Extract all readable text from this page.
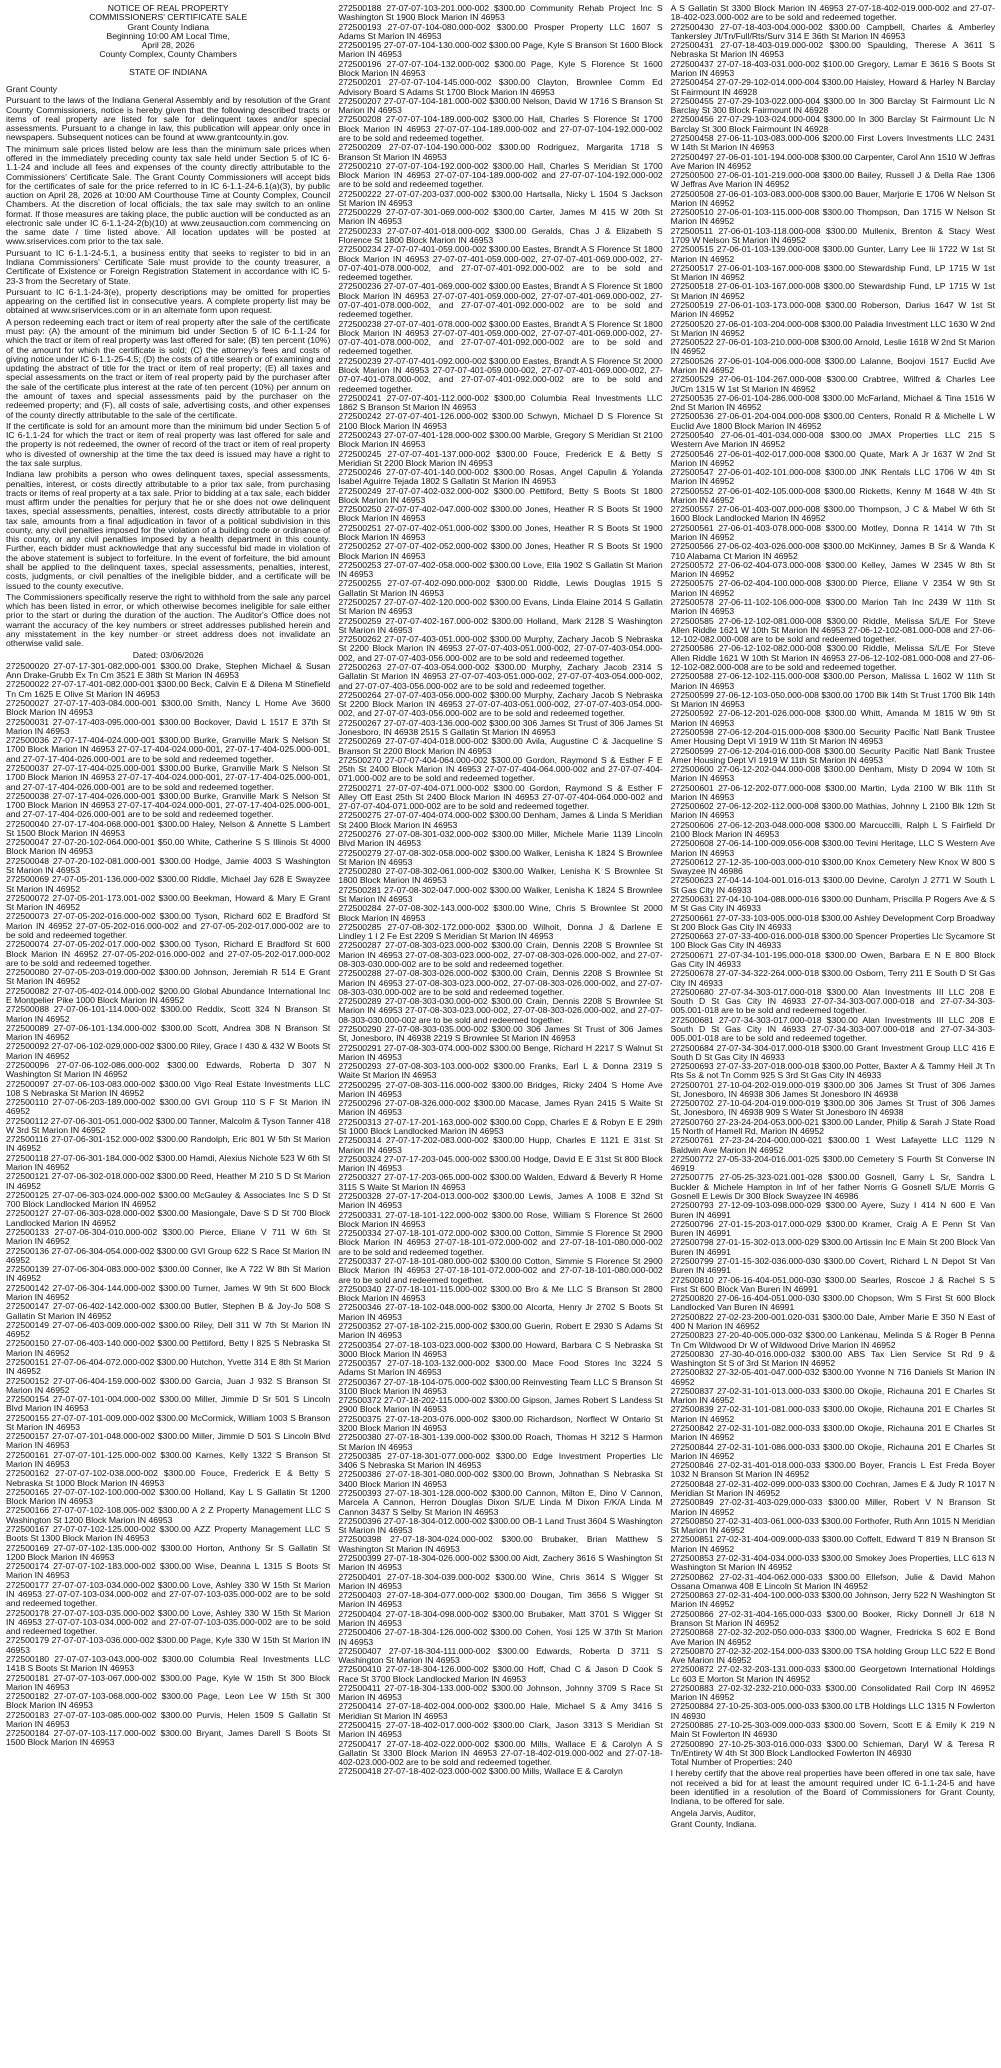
NOTICE OF REAL PROPERTY
COMMISSIONERS' CERTIFICATE SALE
Grant County Indiana
Beginning 10:00 AM Local Time,
April 28, 2026
County Complex, County Chambers
STATE OF INDIANA

Grant County

Pursuant to the laws of the Indiana General Assembly and by resolution of the Grant County Commissioners, notice is hereby given that the following described tracts or items of real property are listed for sale for delinquent taxes and/or special assessments. Pursuant to a change in law, this publication will appear only once in newspapers. Subsequent notices can be found at www.grantcounty.in.gov.

The minimum sale prices listed below are less than the minimum sale prices when offered in the immediately preceding county tax sale held under Section 5 of IC 6-1.1-24 and include all fees and expenses of the county directly attributable to the Commissioners' Certificate Sale. The Grant County Commissioners will accept bids for the certificates of sale for the price referred to in IC 6-1.1-24-6.1(a)(3), by public auction on April 28, 2026 at 10:00 AM Courthouse Time at County Complex, Council Chambers. At the discretion of local officials, the tax sale may switch to an online format. If those measures are taking place, the public auction will be conducted as an electronic sale under IC 6-1.1-24-2(b)(10) at www.zeusauction.com commencing on the same date / time listed above. All location updates will be posted at www.sriservices.com prior to the tax sale.

Pursuant to IC 6-1.1-24-5.1, a business entity that seeks to register to bid in an Indiana Commissioners' Certificate Sale must provide to the county treasurer, a Certificate of Existence or Foreign Registration Statement in accordance with IC 5-23-3 from the Secretary of State.

Pursuant to IC 6-1.1-24-3(e), property descriptions may be omitted for properties appearing on the certified list in consecutive years. A complete property list may be obtained at www.sriservices.com or in an alternate form upon request.

A person redeeming each tract or item of real property after the sale of the certificate must pay: (A) the amount of the minimum bid under Section 5 of IC 6-1.1-24 for which the tract or item of real property was last offered for sale; (B) ten percent (10%) of the amount for which the certificate is sold; (C) the attorney's fees and costs of giving notice under IC 6-1.1-25-4.5; (D) the costs of a title search or of examining and updating the abstract of title for the tract or item of real property; (E) all taxes and special assessments on the tract or item of real property paid by the purchaser after the sale of the certificate plus interest at the rate of ten percent (10%) per annum on the amount of taxes and special assessments paid by the purchaser on the redeemed property; and (F), all costs of sale, advertising costs, and other expenses of the county directly attributable to the sale of the certificate.

If the certificate is sold for an amount more than the minimum bid under Section 5 of IC 6-1.1-24 for which the tract or item of real property was last offered for sale and the property is not redeemed, the owner of record of the tract or item of real property who is divested of ownership at the time the tax deed is issued may have a right to the tax sale surplus.

Indiana law prohibits a person who owes delinquent taxes, special assessments, penalties, interest, or costs directly attributable to a prior tax sale, from purchasing tracts or items of real property at a tax sale. Prior to bidding at a tax sale, each bidder must affirm under the penalties for perjury that he or she does not owe delinquent taxes, special assessments, penalties, interest, costs directly attributable to a prior tax sale, amounts from a final adjudication in favor of a political subdivision in this county, any civil penalties imposed for the violation of a building code or ordinance of this county, or any civil penalties imposed by a health department in this county. Further, each bidder must acknowledge that any successful bid made in violation of the above statement is subject to forfeiture. In the event of forfeiture, the bid amount shall be applied to the delinquent taxes, special assessments, penalties, interest, costs, judgments, or civil penalties of the ineligible bidder, and a certificate will be issued to the county executive.

The Commissioners specifically reserve the right to withhold from the sale any parcel which has been listed in error, or which otherwise becomes ineligible for sale either prior to the start or during the duration of the auction. The Auditor's Office does not warrant the accuracy of the key numbers or street addresses published herein and any misstatement in the key number or street address does not invalidate an otherwise valid sale.

Dated: 03/06/2026
272500020 27-07-17-301-082.000-001 $300.00 Drake, Stephen Michael & Susan Ann Drake-Grubb Ex Tn Cm 3521 E 38th St Marion IN 46953
272500022 27-07-17-401-082.000-001 $300.00 Beck, Calvin E & Dilena M Stinefield Tn Cm 1625 E Olive St Marion IN 46953
272500027 27-07-17-403-084.000-001 $300.00 Smith, Nancy L Home Ave 3600 Block Marion IN 46953
272500031 27-07-17-403-095.000-001 $300.00 Bockover, David L 1517 E 37th St Marion IN 46953
272500036 27-07-17-404-024.000-001 $300.00 Burke, Granville Mark S Nelson St 1700 Block Marion IN 46953 27-07-17-404-024.000-001, 27-07-17-404-025.000-001, and 27-07-17-404-026.000-001 are to be sold and redeemed together.
272500037 27-07-17-404-025.000-001 $300.00 Burke, Granville Mark S Nelson St 1700 Block Marion IN 46953 27-07-17-404-024.000-001, 27-07-17-404-025.000-001, and 27-07-17-404-026.000-001 are to be sold and redeemed together.
272500038 27-07-17-404-026.000-001 $300.00 Burke, Granville Mark S Nelson St 1700 Block Marion IN 46953 27-07-17-404-024.000-001, 27-07-17-404-025.000-001, and 27-07-17-404-026.000-001 are to be sold and redeemed together.
272500040 27-07-17-404-068.000-001 $300.00 Haley, Nelson & Annette S Lambert St 1500 Block Marion IN 46953
272500047 27-07-20-102-064.000-001 $50.00 White, Catherine S S Illinois St 4000 Block Marion IN 46953
272500048 27-07-20-102-081.000-001 $300.00 Hodge, Jamie 4003 S Washington St Marion IN 46953
272500069 27-07-05-201-136.000-002 $300.00 Riddle, Michael Jay 628 E Swayzee St Marion IN 46952
272500072 27-07-05-201-173.001-002 $300.00 Beekman, Howard & Mary E Grant St Marion IN 46952
272500073 27-07-05-202-016.000-002 $300.00 Tyson, Richard 602 E Bradford St Marion IN 46952 27-07-05-202-016.000-002 and 27-07-05-202-017.000-002 are to be sold and redeemed together.
272500074 27-07-05-202-017.000-002 $300.00 Tyson, Richard E Bradford St 600 Block Marion IN 46952 27-07-05-202-016.000-002 and 27-07-05-202-017.000-002 are to be sold and redeemed together.
272500080 27-07-05-203-019.000-002 $300.00 Johnson, Jeremiah R 514 E Grant St Marion IN 46952
272500082 27-07-05-402-014.000-002 $200.00 Global Abundance International Inc E Montpelier Pike 1000 Block Marion IN 46952
272500088 27-07-06-101-114.000-002 $300.00 Reddix, Scott 324 N Branson St Marion IN 46952
272500089 27-07-06-101-134.000-002 $300.00 Scott, Andrea 308 N Branson St Marion IN 46952
272500092 27-07-06-102-029.000-002 $300.00 Riley, Grace I 430 & 432 W Boots St Marion IN 46952
272500096 27-07-06-102-086.000-002 $300.00 Edwards, Roberta D 307 N Washington St Marion IN 46952
272500097 27-07-06-103-083.000-002 $300.00 Vigo Real Estate Investments LLC 108 S Nebraska St Marion IN 46952
272500110 27-07-06-203-189.000-002 $300.00 GVI Group 110 S F St Marion IN 46952
272500112 27-07-06-301-051.000-002 $300.00 Tanner, Malcolm & Tyson Tanner 418 W 3rd St Marion IN 46952
272500116 27-07-06-301-152.000-002 $300.00 Randolph, Eric 801 W 5th St Marion IN 46952
272500118 27-07-06-301-184.000-002 $300.00 Hamdi, Alexius Nichole 523 W 6th St Marion IN 46952
272500121 27-07-06-302-018.000-002 $300.00 Reed, Heather M 210 S D St Marion IN 46952
272500125 27-07-06-303-024.000-002 $300.00 McGauley & Associates Inc S D St 700 Block Landlocked Marion IN 46952
272500127 27-07-06-303-028.000-002 $300.00 Masiongale, Dave S D St 700 Block Landlocked Marion IN 46952
272500133 27-07-06-304-010.000-002 $300.00 Pierce, Eliane V 711 W 6th St Marion IN 46952
272500136 27-07-06-304-054.000-002 $300.00 GVI Group 622 S Race St Marion IN 46952
272500139 27-07-06-304-083.000-002 $300.00 Conner, Ike A 722 W 8th St Marion IN 46952
272500142 27-07-06-304-144.000-002 $300.00 Turner, James W 9th St 600 Block Marion IN 46952
272500147 27-07-06-402-142.000-002 $300.00 Butler, Stephen B & Joy-Jo 508 S Gallatin St Marion IN 46952
272500149 27-07-06-403-009.000-002 $300.00 Riley, Dell 311 W 7th St Marion IN 46952
272500150 27-07-06-403-140.000-002 $300.00 Pettiford, Betty I 825 S Nebraska St Marion IN 46952
272500151 27-07-06-404-072.000-002 $300.00 Hutchon, Yvette 314 E 8th St Marion IN 46952
272500152 27-07-06-404-159.000-002 $300.00 Garcia, Juan J 932 S Branson St Marion IN 46952
272500154 27-07-07-101-004.000-002 $300.00 Miller, Jimmie D Sr 501 S Lincoln Blvd Marion IN 46953
272500155 27-07-07-101-009.000-002 $300.00 McCormick, William 1003 S Branson St Marion IN 46953
272500157 27-07-07-101-048.000-002 $300.00 Miller, Jimmie D 501 S Lincoln Blvd Marion IN 46953
272500161 27-07-07-101-125.000-002 $300.00 Karnes, Kelly 1322 S Branson St Marion IN 46953
272500162 27-07-07-102-038.000-002 $300.00 Fouce, Frederick E & Betty S Nebraska St 1000 Block Marion IN 46953
272500165 27-07-07-102-100.000-002 $300.00 Holland, Kay L S Gallatin St 1200 Block Marion IN 46953
272500166 27-07-07-102-108.005-002 $300.00 A 2 Z Property Management LLC S Washington St 1200 Block Marion IN 46953
272500167 27-07-07-102-125.000-002 $300.00 AZZ Property Management LLC S Boots St 1300 Block Marion IN 46953
272500169 27-07-07-102-135.000-002 $300.00 Horton, Anthony Sr S Gallatin St 1200 Block Marion IN 46953
272500174 27-07-07-102-183.000-002 $300.00 Wise, Deanna L 1315 S Boots St Marion IN 46953
272500177 27-07-07-103-034.000-002 $300.00 Love, Ashley 330 W 15th St Marion IN 46953 27-07-07-103-034.000-002 and 27-07-07-103-035.000-002 are to be sold and redeemed together.
272500178 27-07-07-103-035.000-002 $300.00 Love, Ashley 330 W 15th St Marion IN 46953 27-07-07-103-034.000-002 and 27-07-07-103-035.000-002 are to be sold and redeemed together.
272500179 27-07-07-103-036.000-002 $300.00 Page, Kyle 330 W 15th St Marion IN 46953
272500180 27-07-07-103-043.000-002 $300.00 Columbia Real Investments LLC 1418 S Boots St Marion IN 46953
272500181 27-07-07-103-067.000-002 $300.00 Page, Kyle W 15th St 300 Block Marion IN 46953
272500182 27-07-07-103-068.000-002 $300.00 Page, Leon Lee W 15th St 300 Block Marion IN 46953
272500183 27-07-07-103-085.000-002 $300.00 Purvis, Helen 1509 S Gallatin St Marion IN 46953
272500184 27-07-07-103-117.000-002 $300.00 Bryant, James Darell S Boots St 1500 Block Marion IN 46953
272500188 27-07-07-103-201.000-002 $300.00 Community Rehab Project Inc S Washington St 1900 Block Marion IN 46953
272500193 27-07-07-104-080.000-002 $300.00 Prosper Property LLC 1607 S Adams St Marion IN 46953
272500195 27-07-07-104-130.000-002 $300.00 Page, Kyle S Branson St 1600 Block Marion IN 46953
272500196 27-07-07-104-132.000-002 $300.00 Page, Kyle S Florence St 1600 Block Marion IN 46953
272500201 27-07-07-104-145.000-002 $300.00 Clayton, Brownlee Comm Ed Advisory Board S Adams St 1700 Block Marion IN 46953
272500207 27-07-07-104-181.000-002 $300.00 Nelson, David W 1716 S Branson St Marion IN 46953
272500208 27-07-07-104-189.000-002 $300.00 Hall, Charles S Florence St 1700 Block Marion IN 46953 27-07-07-104-189.000-002 and 27-07-07-104-192.000-002 are to be sold and redeemed together.
272500209 27-07-07-104-190.000-002 $300.00 Rodriguez, Margarita 1718 S Branson St Marion IN 46953
272500210 27-07-07-104-192.000-002 $300.00 Hall, Charles S Meridian St 1700 Block Marion IN 46953 27-07-07-104-189.000-002 and 27-07-07-104-192.000-002 are to be sold and redeemed together.
272500222 27-07-07-203-037.000-002 $300.00 Hartsalla, Nicky L 1504 S Jackson St Marion IN 46953
272500229 27-07-07-301-069.000-002 $300.00 Carter, James M 415 W 20th St Marion IN 46953
272500233 27-07-07-401-018.000-002 $300.00 Geralds, Chas J & Elizabeth S Florence St 1800 Block Marion IN 46953
272500234 27-07-07-401-059.000-002 $300.00 Eastes, Brandt A S Florence St 1800 Block Marion IN 46953 27-07-07-401-059.000-002, 27-07-07-401-069.000-002, 27-07-07-401-078.000-002, and 27-07-07-401-092.000-002 are to be sold and redeemed together.
272500236 27-07-07-401-069.000-002 $300.00 Eastes, Brandt A S Florence St 1800 Block Marion IN 46953 27-07-07-401-059.000-002, 27-07-07-401-069.000-002, 27-07-07-401-078.000-002, and 27-07-07-401-092.000-002 are to be sold and redeemed together.
272500238 27-07-07-401-078.000-002 $300.00 Eastes, Brandt A S Florence St 1800 Block Marion IN 46953 27-07-07-401-059.000-002, 27-07-07-401-069.000-002, 27-07-07-401-078.000-002, and 27-07-07-401-092.000-002 are to be sold and redeemed together.
272500239 27-07-07-401-092.000-002 $300.00 Eastes, Brandt A S Florence St 2000 Block Marion IN 46953 27-07-07-401-059.000-002, 27-07-07-401-069.000-002, 27-07-07-401-078.000-002, and 27-07-07-401-092.000-002 are to be sold and redeemed together.
272500241 27-07-07-401-112.000-002 $300.00 Columbia Real Investments LLC 1862 S Branson St Marion IN 46953
272500242 27-07-07-401-126.000-002 $300.00 Schwyn, Michael D S Florence St 2100 Block Marion IN 46953
272500243 27-07-07-401-128.000-002 $300.00 Marble, Gregory S Meridian St 2100 Block Marion IN 46953
272500245 27-07-07-401-137.000-002 $300.00 Fouce, Frederick E & Betty S Meridian St 2200 Block Marion IN 46953
272500246 27-07-07-401-140.000-002 $300.00 Rosas, Angel Capulin & Yolanda Isabel Aguirre Tejada 1802 S Gallatin St Marion IN 46953
272500249 27-07-07-402-032.000-002 $300.00 Pettiford, Betty S Boots St 1800 Block Marion IN 46953
272500250 27-07-07-402-047.000-002 $300.00 Jones, Heather R S Boots St 1900 Block Marion IN 46953
272500251 27-07-07-402-051.000-002 $300.00 Jones, Heather R S Boots St 1900 Block Marion IN 46953
272500252 27-07-07-402-052.000-002 $300.00 Jones, Heather R S Boots St 1900 Block Marion IN 46953
272500253 27-07-07-402-058.000-002 $300.00 Love, Ella 1902 S Gallatin St Marion IN 46953
272500255 27-07-07-402-090.000-002 $300.00 Riddle, Lewis Douglas 1915 S Gallatin St Marion IN 46953
272500257 27-07-07-402-120.000-002 $300.00 Evans, Linda Elaine 2014 S Gallatin St Marion IN 46953
272500259 27-07-07-402-167.000-002 $300.00 Holland, Mark 2128 S Washington St Marion IN 46953
272500262 27-07-07-403-051.000-002 $300.00 Murphy, Zachary Jacob S Nebraska St 2200 Block Marion IN 46953 27-07-07-403-051.000-002, 27-07-07-403-054.000-002, and 27-07-07-403-056.000-002 are to be sold and redeemed together.
272500263 27-07-07-403-054.000-002 $300.00 Murphy, Zachary Jacob 2314 S Gallatin St Marion IN 46953 27-07-07-403-051.000-002, 27-07-07-403-054.000-002, and 27-07-07-403-056.000-002 are to be sold and redeemed together.
272500264 27-07-07-403-056.000-002 $300.00 Murphy, Zachary Jacob S Nebraska St 2200 Block Marion IN 46953 27-07-07-403-051.000-002, 27-07-07-403-054.000-002, and 27-07-07-403-056.000-002 are to be sold and redeemed together.
272500267 27-07-07-403-136.000-002 $300.00 306 James St Trust of 306 James St Jonesboro, IN 46938 2515 S Gallatin St Marion IN 46953
272500269 27-07-07-404-018.000-002 $300.00 Avila, Augustine C & Jacqueline S Branson St 2200 Block Marion IN 46953
272500270 27-07-07-404-064.000-002 $300.00 Gordon, Raymond S & Esther F E 25th St 2400 Block Marion IN 46953 27-07-07-404-064.000-002 and 27-07-07-404-071.000-002 are to be sold and redeemed together.
272500271 27-07-07-404-071.000-002 $300.00 Gordon, Raymond S & Esther F Alley Off East 25th St 2400 Block Marion IN 46953 27-07-07-404-064.000-002 and 27-07-07-404-071.000-002 are to be sold and redeemed together.
272500275 27-07-07-404-074.000-002 $300.00 Denham, James & Linda S Meridian St 2400 Block Marion IN 46953
272500276 27-07-08-301-032.000-002 $300.00 Miller, Michele Marie 1139 Lincoln Blvd Marion IN 46953
272500279 27-07-08-302-058.000-002 $300.00 Walker, Lenisha K 1824 S Brownlee St Marion IN 46953
272500280 27-07-08-302-061.000-002 $300.00 Walker, Lenisha K S Brownlee St 1800 Block Marion IN 46953
272500281 27-07-08-302-047.000-002 $300.00 Walker, Lenisha K 1824 S Brownlee St Marion IN 46953
272500284 27-07-08-302-143.000-002 $300.00 Wine, Chris S Brownlee St 2000 Block Marion IN 46953
272500285 27-07-08-302-172.000-002 $300.00 Wilhoit, Donna J & Darlene E Lindley 1 I 2 Fe Est 2209 S Meridian St Marion IN 46953
272500287 27-07-08-303-023.000-002 $300.00 Crain, Dennis 2208 S Brownlee St Marion IN 46953 27-07-08-303-023.000-002, 27-07-08-303-026.000-002, and 27-07-08-303-030.000-002 are to be sold and redeemed together.
272500288 27-07-08-303-026.000-002 $300.00 Crain, Dennis 2208 S Brownlee St Marion IN 46953 27-07-08-303-023.000-002, 27-07-08-303-026.000-002, and 27-07-08-303-030.000-002 are to be sold and redeemed together.
272500289 27-07-08-303-030.000-002 $300.00 Crain, Dennis 2208 S Brownlee St Marion IN 46953 27-07-08-303-023.000-002, 27-07-08-303-026.000-002, and 27-07-08-303-030.000-002 are to be sold and redeemed together.
272500290 27-07-08-303-035.000-002 $300.00 306 James St Trust of 306 James St, Jonesboro, IN 46938 2219 S Brownlee St Marion IN 46953
272500291 27-07-08-303-074.000-002 $300.00 Benge, Richard H 2217 S Walnut St Marion IN 46953
272500293 27-07-08-303-103.000-002 $300.00 Franks, Earl L & Donna 2319 S Waite St Marion IN 46953
272500295 27-07-08-303-116.000-002 $300.00 Bridges, Ricky 2404 S Home Ave Marion IN 46953
272500296 27-07-08-326.000-002 $300.00 Macase, James Ryan 2415 S Waite St Marion IN 46953
272500313 27-07-17-201-163.000-002 $300.00 Copp, Charles E & Robyn E E 29th St 1000 Block Landlocked Marion IN 46953
272500314 27-07-17-202-083.000-002 $300.00 Hupp, Charles E 1121 E 31st St Marion IN 46953
272500324 27-07-17-203-045.000-002 $300.00 Hodge, David E E 31st St 800 Block Marion IN 46953
272500327 27-07-17-203-065.000-002 $300.00 Walden, Edward & Beverly R Home 3115 S Waite St Marion IN 46953
272500328 27-07-17-204-013.000-002 $300.00 Lewis, James A 1008 E 32nd St Marion IN 46953
272500331 27-07-18-101-122.000-002 $300.00 Rose, William S Florence St 2600 Block Marion IN 46953
272500334 27-07-18-101-072.000-002 $300.00 Cotton, Simmie S Florence St 2900 Block Marion IN 46953 27-07-18-101-072.000-002 and 27-07-18-101-080.000-002 are to be sold and redeemed together.
272500337 27-07-18-101-080.000-002 $300.00 Cotton, Simmie S Florence St 2900 Block Marion IN 46953 27-07-18-101-072.000-002 and 27-07-18-101-080.000-002 are to be sold and redeemed together.
272500340 27-07-18-101-115.000-002 $300.00 Bro & Me LLC S Branson St 2800 Block Marion IN 46953
272500346 27-07-18-102-048.000-002 $300.00 Alcorta, Henry Jr 2702 S Boots St Marion IN 46953
272500352 27-07-18-102-215.000-002 $300.00 Guerin, Robert E 2930 S Adams St Marion IN 46953
272500354 27-07-18-103-023.000-002 $300.00 Howard, Barbara C S Nebraska St 3000 Block Marion IN 46953
272500357 27-07-18-103-132.000-002 $300.00 Mace Food Stores Inc 3224 S Adams St Marion IN 46953
272500367 27-07-18-104-075.000-002 $300.00 Reinvesting Team LLC S Branson St 3100 Block Marion IN 46953
272500372 27-07-18-202-115.000-002 $300.00 Gipson, James Robert S Landess St 2900 Block Marion IN 46953
272500375 27-07-18-203-076.000-002 $300.00 Richardson, Norflect W Ontario St 3200 Block Marion IN 46953
272500380 27-07-18-301-139.000-002 $300.00 Roach, Thomas H 3212 S Harmon St Marion IN 46953
272500385 27-07-18-301-077.000-002 $300.00 Edge Investment Properties Llc 3406 S Nebraska St Marion IN 46953
272500386 27-07-18-301-080.000-002 $300.00 Brown, Johnathan S Nebraska St 3400 Block Marion IN 46953
272500393 27-07-18-301-128.000-002 $300.00 Cannon, Milton E, Dino V Cannon, Marcela A Cannon, Herron Douglas Dixon S/L/E Linda M Dixon F/K/A Linda M Cannon 3437 S Selby St Marion IN 46953
272500396 27-07-18-304-012.000-002 $300.00 OB-1 Land Trust 3604 S Washington St Marion IN 46953
272500398 27-07-18-304-024.000-002 $300.00 Brubaker, Brian Matthew S Washington St Marion IN 46953
272500399 27-07-18-304-026.000-002 $300.00 Aidt, Zachery 3616 S Washington St Marion IN 46953
272500401 27-07-18-304-039.000-002 $300.00 Wine, Chris 3614 S Wigger St Marion IN 46953
272500403 27-07-18-304-077.000-002 $300.00 Dougan, Tim 3656 S Wigger St Marion IN 46953
272500404 27-07-18-304-098.000-002 $300.00 Brubaker, Matt 3701 S Wigger St Marion IN 46953
272500406 27-07-18-304-126.000-002 $300.00 Cohen, Yosi 125 W 37th St Marion IN 46953
272500407 27-07-18-304-111.000-002 $300.00 Edwards, Roberta D 3711 S Washington St Marion IN 46953
272500410 27-07-18-304-126.000-002 $300.00 Hoff, Chad C & Jason D Cook S Race St 3700 Block Landlocked Marion IN 46953
272500411 27-07-18-304-133.000-002 $300.00 Johnson, Johnny 3709 S Race St Marion IN 46953
272500414 27-07-18-402-004.000-002 $300.00 Hale, Michael S & Amy 3416 S Meridian St Marion IN 46953
272500415 27-07-18-402-017.000-002 $300.00 Clark, Jason 3313 S Meridian St Marion IN 46953
272500417 27-07-18-402-022.000-002 $300.00 Mills, Wallace E & Carolyn A S Gallatin St 3300 Block Marion IN 46953 27-07-18-402-019.000-002 and 27-07-18-402-023.000-002 are to be sold and redeemed together.
272500418 27-07-18-402-023.000-002 $300.00 Mills, Wallace E & Carolyn
A S Gallatin St 3300 Block Marion IN 46953 27-07-18-402-019.000-002 and 27-07-18-402-023.000-002 are to be sold and redeemed together.
272500430 27-07-18-403-004.000-002 $300.00 Campbell, Charles & Amberley Tankersley Jt/Tn/Full/Rts/Surv 314 E 36th St Marion IN 46953
272500431 27-07-18-403-019.000-002 $300.00 Spaulding, Therese A 3611 S Nebraska St Marion IN 46953
272500437 27-07-18-403-031.000-002 $100.00 Gregory, Lamar E 3616 S Boots St Marion IN 46953
272500454 27-07-29-102-014.000-004 $300.00 Haisley, Howard & Harley N Barclay St Fairmount IN 46928
272500455 27-07-29-103-022.000-004 $300.00 In 300 Barclay St Fairmount Llc N Barclay St 300 Block Fairmount IN 46928
272500456 27-07-29-103-024.000-004 $300.00 In 300 Barclay St Fairmount Llc N Barclay St 300 Block Fairmount IN 46928
272500458 27-06-11-103-083.000-006 $200.00 First Lovers Investments LLC 2431 W 14th St Marion IN 46953
272500497 27-06-01-101-194.000-008 $300.00 Carpenter, Carol Ann 1510 W Jeffras Ave Marion IN 46952
272500500 27-06-01-101-219.000-008 $300.00 Bailey, Russell J & Della Rae 1306 W Jeffras Ave Marion IN 46952
272500508 27-06-01-103-083.000-008 $300.00 Bauer, Marjorie E 1706 W Nelson St Marion IN 46952
272500510 27-06-01-103-115.000-008 $300.00 Thompson, Dan 1715 W Nelson St Marion IN 46952
272500511 27-06-01-103-118.000-008 $300.00 Mullenix, Brenton & Stacy West 1709 W Nelson St Marion IN 46952
272500515 27-06-01-103-139.000-008 $300.00 Gunter, Larry Lee Iii 1722 W 1st St Marion IN 46952
272500517 27-06-01-103-167.000-008 $300.00 Stewardship Fund, LP 1715 W 1st St Marion IN 46952
272500518 27-06-01-103-167.000-008 $300.00 Stewardship Fund, LP 1715 W 1st St Marion IN 46952
272500519 27-06-01-103-173.000-008 $300.00 Roberson, Darius 1647 W 1st St Marion IN 46952
272500520 27-06-01-103-204.000-008 $300.00 Paladia Investment LLC 1630 W 2nd St Marion IN 46952
272500522 27-06-01-103-210.000-008 $300.00 Arnold, Leslie 1618 W 2nd St Marion IN 46952
272500526 27-06-01-104-006.000-008 $300.00 Lalanne, Boojovi 1517 Euclid Ave Marion IN 46952
272500529 27-06-01-104-267.000-008 $300.00 Crabtree, Wilfred & Charles Lee Jt/Cm 1315 W 1st St Marion IN 46952
272500535 27-06-01-104-286.000-008 $300.00 McFarland, Michael & Tina 1516 W 2nd St Marion IN 46952
272500536 27-06-01-204-004.000-008 $300.00 Centers, Ronald R & Michelle L W Euclid Ave 1800 Block Marion IN 46952
272500540 27-06-01-401-034.000-008 $300.00 JMAX Properties LLC 215 S Western Ave Marion IN 46952
272500546 27-06-01-402-017.000-008 $300.00 Quate, Mark A Jr 1637 W 2nd St Marion IN 46952
272500547 27-06-01-402-101.000-008 $300.00 JNK Rentals LLC 1706 W 4th St Marion IN 46952
272500552 27-06-01-402-105.000-008 $300.00 Ricketts, Kenny M 1648 W 4th St Marion IN 46952
272500557 27-06-01-403-007.000-008 $300.00 Thompson, J C & Mabel W 6th St 1600 Block Landlocked Marion IN 46952
272500561 27-06-01-403-078.000-008 $300.00 Motley, Donna R 1414 W 7th St Marion IN 46952
272500566 27-06-02-403-026.000-008 $300.00 McKinney, James B Sr & Wanda K 710 Alabama Ct Marion IN 46952
272500572 27-06-02-404-073.000-008 $300.00 Kelley, James W 2345 W 8th St Marion IN 46952
272500575 27-06-02-404-100.000-008 $300.00 Pierce, Eliane V 2354 W 9th St Marion IN 46952
272500578 27-06-11-102-106.000-008 $300.00 Marion Tah Inc 2439 W 11th St Marion IN 46953
272500585 27-06-12-102-081.000-008 $300.00 Riddle, Melissa S/L/E For Steve Allen Riddle 1621 W 10th St Marion IN 46953 27-06-12-102-081.000-008 and 27-06-12-102-082.000-008 are to be sold and redeemed together.
272500586 27-06-12-102-082.000-008 $300.00 Riddle, Melissa S/L/E For Steve Allen Riddle 1621 W 10th St Marion IN 46953 27-06-12-102-081.000-008 and 27-06-12-102-082.000-008 are to be sold and redeemed together.
272500588 27-06-12-102-115.000-008 $300.00 Person, Malissa L 1602 W 11th St Marion IN 46953
272500599 27-06-12-103-050.000-008 $300.00 1700 Blk 14th St Trust 1700 Blk 14th St Marion IN 46953
272500592 27-06-12-201-026.000-008 $300.00 Whitt, Amanda M 1815 W 9th St Marion IN 46953
272500598 27-06-12-204-015.000-008 $300.00 Security Pacific Natl Bank Trustee Amer Housing Dept VI 1919 W 11th St Marion IN 46953
272500599 27-06-12-204-016.000-008 $300.00 Security Pacific Natl Bank Trustee Amer Housing Dept VI 1919 W 11th St Marion IN 46953
272500600 27-06-12-202-044.000-008 $300.00 Denham, Misty D 2094 W 10th St Marion IN 46953
272500601 27-06-12-202-077.000-008 $300.00 Martin, Lyda 2100 W Blk 11th St Marion IN 46953
272500602 27-06-12-202-112.000-008 $300.00 Mathias, Johnny L 2100 Blk 12th St Marion IN 46953
272500606 27-06-12-203-048.000-008 $300.00 Marcuccilli, Ralph L S Fairfield Dr 2100 Block Marion IN 46953
272500608 27-06-14-100-009.056-008 $300.00 Tevini Heritage, LLC S Western Ave Marion IN 46953
272500612 27-12-35-100-003.000-010 $300.00 Knox Cemetery New Knox W 800 S Swayzee IN 46986
272500623 27-04-14-104-001.016-013 $300.00 Devine, Carolyn J 2771 W South L St Gas City IN 46933
272500631 27-04-10-104-088.000-016 $300.00 Dunham, Priscilla P Rogers Ave & S M St Gas City IN 46933
272500661 27-07-33-103-005.000-018 $300.00 Ashley Development Corp Broadway St 200 Block Gas City IN 46933
272500663 27-07-33-400-016.000-018 $300.00 Spencer Properties Llc Sycamore St 100 Block Gas City IN 46933
272500671 27-07-34-101-195.000-018 $300.00 Owen, Barbara E N E 800 Block Gas City IN 46933
272500678 27-07-34-322-264.000-018 $300.00 Osborn, Terry 211 E South D St Gas City IN 46933
272500680 27-07-34-303-017.000-018 $300.00 Alan Investments III LLC 208 E South D St Gas City IN 46933 27-07-34-303-007.000-018 and 27-07-34-303-005.001-018 are to be sold and redeemed together.
272500681 27-07-34-303-017.000-018 $300.00 Alan Investments III LLC 208 E South D St Gas City IN 46933 27-07-34-303-007.000-018 and 27-07-34-303-005.001-018 are to be sold and redeemed together.
272500684 27-07-34-304-017.000-018 $300.00 Grant Investment Group LLC 416 E South D St Gas City IN 46933
272500693 27-07-33-207-018.000-018 $300.00 Potter, Baxter A & Tammy Heil Jt Tn Rts Ss & not Tn Comm 925 S 3rd St Gas City IN 46933
272500701 27-10-04-202-019.000-019 $300.00 306 James St Trust of 306 James St, Jonesboro, IN 46938 306 James St Jonesboro IN 46938
272500702 27-10-04-204-019.000-019 $300.00 306 James St Trust of 306 James St, Jonesboro, IN 46938 909 S Water St Jonesboro IN 46938
272500760 27-23-24-204-053.000-021 $300.00 Lander, Philip & Sarah J State Road 15 North of Hamell Rd, Marion IN 46952
272500761 27-23-24-204-000.000-021 $300.00 1 West Lafayette LLC 1129 N Baldwin Ave Marion IN 46952
272500772 27-05-33-204-016.001-025 $300.00 Cemetery S Fourth St Converse IN 46919
272500775 27-05-25-323-021.001-028 $300.00 Gosnell, Garry L Sr, Sandra L Buckler & Michele Hampton in lnf of her father Norris G Gosnell S/L/E Morris G Gosnell E Lewis Dr 300 Block Swayzee IN 46986
272500793 27-12-09-103-098.000-029 $300.00 Ayere, Suzy I 414 N 600 E Van Buren IN 46991
272500796 27-01-15-203-017.000-029 $300.00 Kramer, Craig A E Penn St Van Buren IN 46991
272500798 27-01-15-302-013.000-029 $300.00 Artissin Inc E Main St 200 Block Van Buren IN 46991
272500799 27-01-15-302-036.000-030 $300.00 Covert, Richard L N Depot St Van Buren IN 46991
272500810 27-06-16-404-051.000-030 $300.00 Searles, Roscoe J & Rachel S S First St 600 Block Van Buren IN 46991
272500820 27-06-16-404-051.000-030 $300.00 Chopson, Wm S First St 600 Block Landlocked Van Buren IN 46991
272500822 27-02-23-200-001.020-031 $300.00 Dale, Amber Marie E 350 N East of 400 N Marion IN 46952
272500823 27-20-40-005.000-032 $300.00 Lankenau, Melinda S & Roger B Penna Tn Cm Wildwood Dr W of Wildwood Drive Marion IN 46952
272500830 27-30-40-016.000-032 $300.00 ABS Tax Lien Service St Rd 9 & Washington St S of 3rd St Marion IN 46952
272500832 27-32-05-401-047.000-032 $300.00 Yvonne N 716 Daniels St Marion IN 46952
272500837 27-02-31-101-013.000-033 $300.00 Okojie, Richauna 201 E Charles St Marion IN 46952
272500839 27-02-31-101-081.000-033 $300.00 Okojie, Richauna 201 E Charles St Marion IN 46952
272500842 27-02-31-101-082.000-033 $300.00 Okojie, Richauna 201 E Charles St Marion IN 46952
272500844 27-02-31-101-086.000-033 $300.00 Okojie, Richauna 201 E Charles St Marion IN 46952
272500846 27-02-31-401-018.000-033 $300.00 Boyer, Francis L Est Freda Boyer 1032 N Branson St Marion IN 46952
272500848 27-02-31-402-099.000-033 $300.00 Cochran, James E & Judy R 1017 N Meridian St Marion IN 46952
272500849 27-02-31-403-029.000-033 $300.00 Miller, Robert V N Branson St Marion IN 46952
272500850 27-02-31-403-061.000-033 $300.00 Forthofer, Ruth Ann 1015 N Meridian St Marion IN 46952
272500851 27-02-31-404-009.000-033 $300.00 Coffelt, Edward T 819 N Branson St Marion IN 46952
272500853 27-02-31-404-034.000-033 $300.00 Smokey Joes Properties, LLC 613 N Washington St Marion IN 46952
272500862 27-02-31-404-062.000-033 $300.00 Ellefson, Julie & David Mahon Ossana Omanwa 408 E Lincoln St Marion IN 46952
272500863 27-02-31-404-100.000-033 $300.00 Johnson, Jerry 522 N Washington St Marion IN 46952
272500866 27-02-31-404-165.000-033 $300.00 Booker, Ricky Donnell Jr 618 N Branson St Marion IN 46952
272500868 27-02-32-202-050.000-033 $300.00 Wagner, Fredricka S 602 E Bond Ave Marion IN 46952
272500870 27-02-32-202-154.000-033 $300.00 TSA holding Group LLC 522 E Bond Ave Marion IN 46952
272500872 27-02-32-203-131.000-033 $300.00 Georgetown International Holdings Lc 603 E Morton St Marion IN 46952
272500883 27-02-32-232-210.000-033 $300.00 Consolidated Rail Corp IN 46952 Marion IN 46952
272500884 27-10-25-303-005.000-033 $300.00 LTB Holdings LLC 1315 N Fowlerton IN 46930
272500885 27-10-25-303-009.000-033 $300.00 Sovern, Scott E & Emily K 219 N Main St Fowlerton IN 46930
272500890 27-10-25-303-016.000-033 $300.00 Schieman, Daryl W & Teresa R Tn/Entirety W 4th St 300 Block Landlocked Fowlerton IN 46930

Total Number of Properties: 240

I hereby certify that the above real properties have been offered in one tax sale, have not received a bid for at least the amount required under IC 6-1.1-24-5 and have been identified in a resolution of the Board of Commissioners for Grant County, Indiana, to be offered for sale.

Angela Jarvis, Auditor,

Grant County, Indiana.
